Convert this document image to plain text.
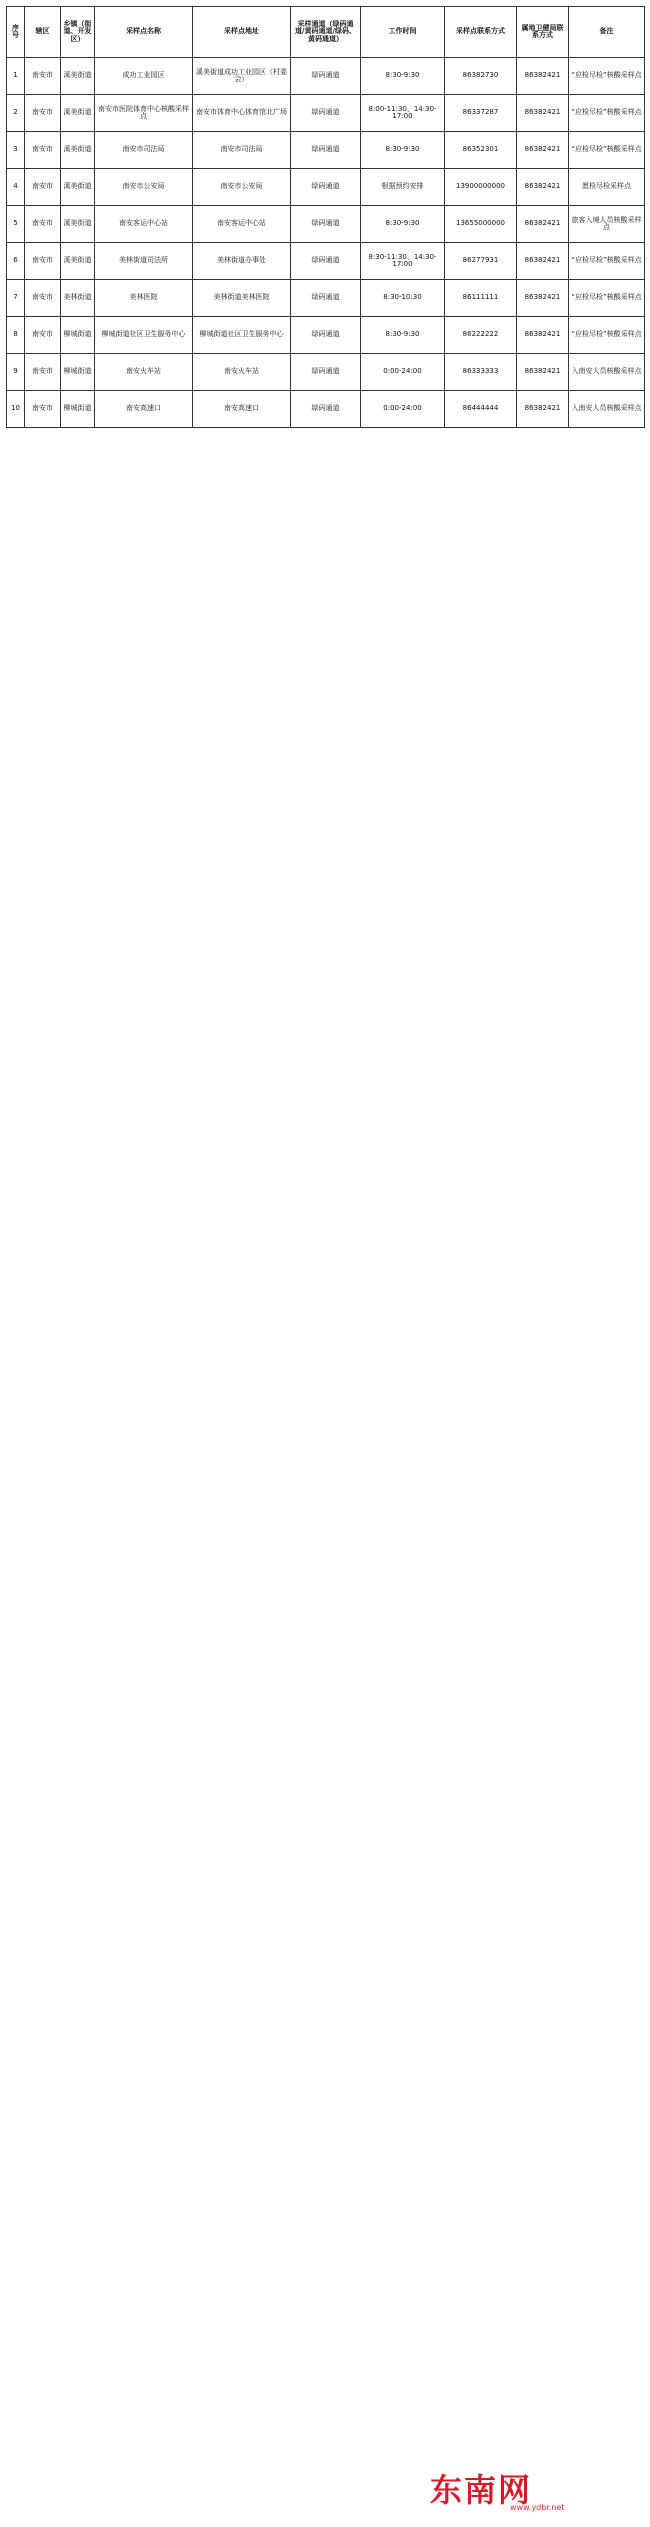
序号	辖区	乡镇（街道、开发区）	采样点名称	采样点地址	采样通道（绿码通道/黄码通道/绿码、黄码通道）	工作时间	采样点联系方式	属地卫健局联系方式	备注
1	南安市	溪美街道	成功工业园区	溪美街道成功工业园区（村委会）	绿码通道	8:30-9:30	86382730	86382421	“应检尽检”核酸采样点
2	南安市	溪美街道	南安市医院体育中心核酸采样点	南安市体育中心体育馆北广场	绿码通道	8:00-11:30、14:30-17:00	86337287	86382421	“应检尽检”核酸采样点
3	南安市	溪美街道	南安市司法局	南安市司法局	绿码通道	8:30-9:30	86352301	86382421	“应检尽检”核酸采样点
4	南安市	溪美街道	南安市公安局	南安市公安局	绿码通道	根据预约安排	13900000000	86382421	愿检尽检采样点
5	南安市	溪美街道	南安客运中心站	南安客运中心站	绿码通道	8:30-9:30	13655000000	86382421	旅客入境人员核酸采样点
6	南安市	溪美街道	美林街道司法所	美林街道办事处	绿码通道	8:30-11:30、14:30-17:00	86277931	86382421	“应检尽检”核酸采样点
7	南安市	美林街道	美林医院	美林街道美林医院	绿码通道	8:30-10:30	86111111	86382421	“应检尽检”核酸采样点
8	南安市	柳城街道	柳城街道社区卫生服务中心	柳城街道社区卫生服务中心	绿码通道	8:30-9:30	86222222	86382421	“应检尽检”核酸采样点
9	南安市	柳城街道	南安火车站	南安火车站	绿码通道	0:00-24:00	86333333	86382421	入南安人员核酸采样点
10	南安市	柳城街道	南安高速口	南安高速口	绿码通道	0:00-24:00	86444444	86382421	入南安人员核酸采样点
东南网
www.ydbr.net
